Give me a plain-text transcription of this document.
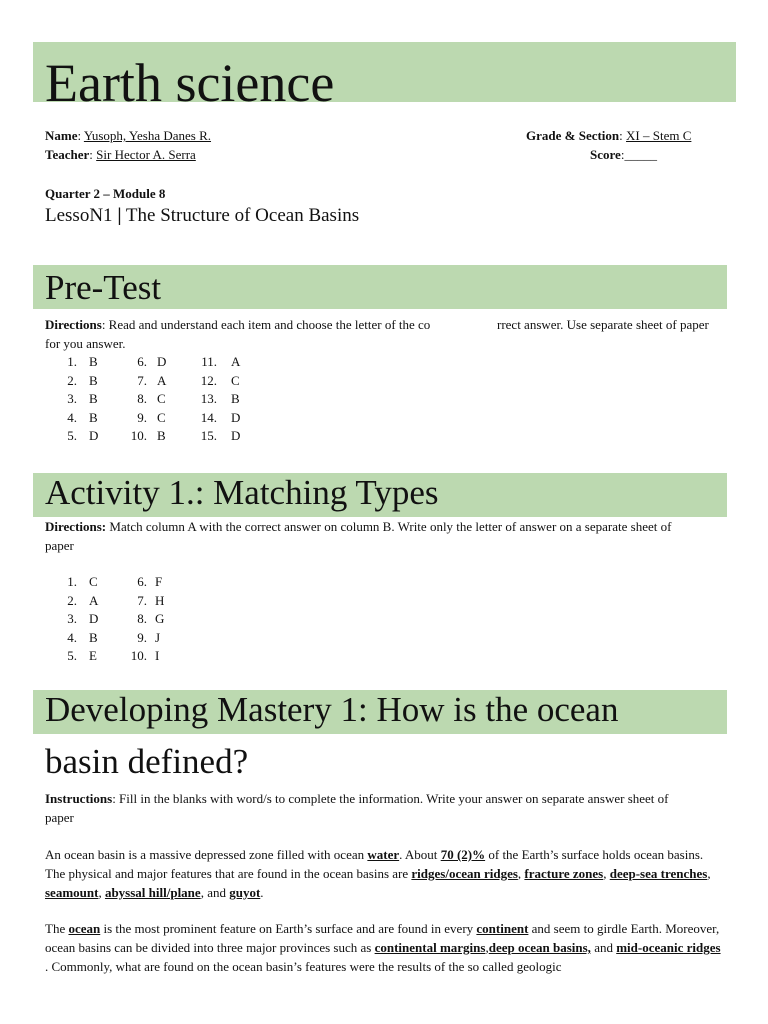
Earth science
Name: Yusoph, Yesha Danes R.
Teacher: Sir Hector A. Serra
Grade & Section: XI – Stem C
Score:_____
Quarter 2 – Module 8
LessoN1 | The Structure of Ocean Basins
Pre-Test
Directions: Read and understand each item and choose the letter of the co	rrect answer. Use separate sheet of paper
for you answer.
1. B	6. D	11. A
2. B	7. A	12. C
3. B	8. C	13. B
4. B	9. C	14. D
5. D	10. B	15. D
Activity 1.: Matching Types
Directions: Match column A with the correct answer on column B. Write only the letter of answer on a separate sheet of
paper
1. C	6. F
2. A	7. H
3. D	8. G
4. B	9. J
5. E	10. I
Developing Mastery 1: How is the ocean
basin defined?
Instructions: Fill in the blanks with word/s to complete the information. Write your answer on separate answer sheet of
paper
An ocean basin is a massive depressed zone filled with ocean water. About 70 (2)% of the Earth’s surface holds ocean basins. The physical and major features that are found in the ocean basins are ridges/ocean ridges, fracture zones, deep-sea trenches, seamount, abyssal hill/plane, and guyot.
The ocean is the most prominent feature on Earth’s surface and are found in every continent and seem to girdle Earth. Moreover, ocean basins can be divided into three major provinces such as continental margins,deep ocean basins, and mid-oceanic ridges . Commonly, what are found on the ocean basin’s features were the results of the so called geologic
